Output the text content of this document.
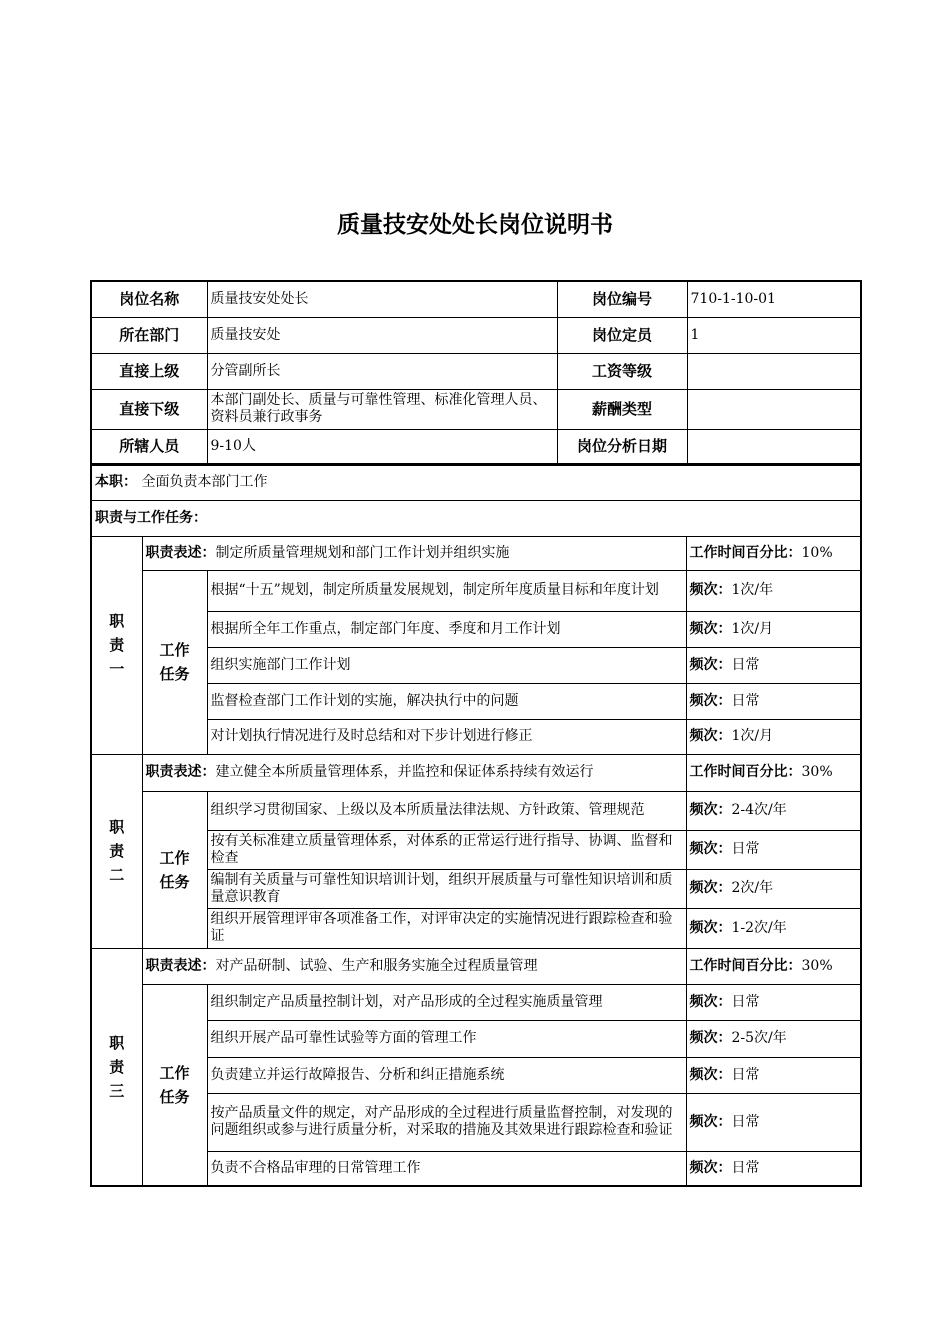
质量技安处处长岗位说明书
岗位名称	质量技安处处长	岗位编号	710-1-10-01
所在部门	质量技安处	岗位定员	1
直接上级	分管副所长	工资等级	
直接下级	本部门副处长、质量与可靠性管理、标准化管理人员、资料员兼行政事务	薪酬类型	
所辖人员	9-10人	岗位分析日期	
本职： 全面负责本部门工作			
职责与工作任务：			

职责一	职责表述：制定所质量管理规划和部门工作计划并组织实施		工作时间百分比：10%

	工作任务	根据“十五”规划，制定所质量发展规划，制定所年度质量目标和年度计划	频次：1次/年
		根据所全年工作重点，制定部门年度、季度和月工作计划	频次：1次/月
		组织实施部门工作计划	频次：日常
		监督检查部门工作计划的实施，解决执行中的问题	频次：日常
		对计划执行情况进行及时总结和对下步计划进行修正	频次：1次/月

职责二	职责表述：建立健全本所质量管理体系，并监控和保证体系持续有效运行		工作时间百分比：30%

	工作任务	组织学习贯彻国家、上级以及本所质量法律法规、方针政策、管理规范	频次：2-4次/年
		按有关标准建立质量管理体系，对体系的正常运行进行指导、协调、监督和检查	频次：日常
		编制有关质量与可靠性知识培训计划，组织开展质量与可靠性知识培训和质量意识教育	频次：2次/年
		组织开展管理评审各项准备工作，对评审决定的实施情况进行跟踪检查和验证	频次：1-2次/年

职责三	职责表述：对产品研制、试验、生产和服务实施全过程质量管理		工作时间百分比：30%

	工作任务	组织制定产品质量控制计划，对产品形成的全过程实施质量管理	频次：日常
		组织开展产品可靠性试验等方面的管理工作	频次：2-5次/年
		负责建立并运行故障报告、分析和纠正措施系统	频次：日常
		按产品质量文件的规定，对产品形成的全过程进行质量监督控制，对发现的问题组织或参与进行质量分析，对采取的措施及其效果进行跟踪检查和验证	频次：日常
		负责不合格品审理的日常管理工作	频次：日常
